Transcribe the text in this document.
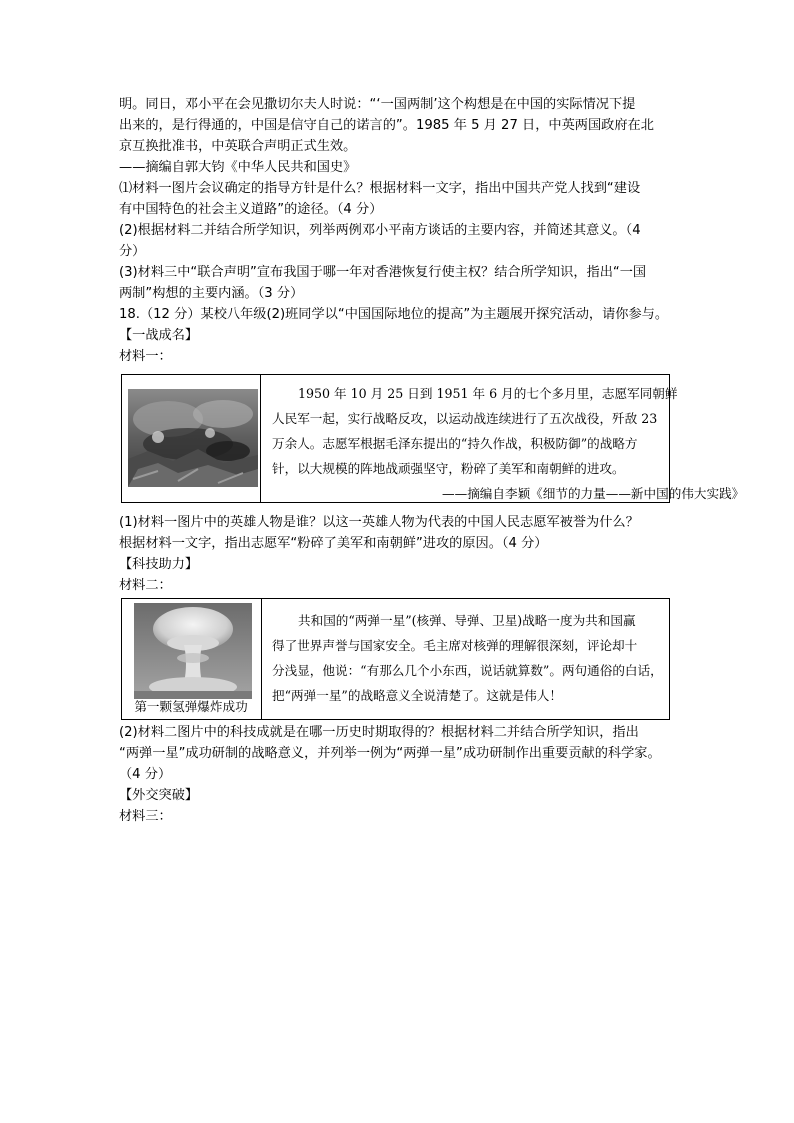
明。同日，邓小平在会见撒切尔夫人时说：“‘一国两制’这个构想是在中国的实际情况下提
出来的，是行得通的，中国是信守自己的诺言的”。1985 年 5 月 27 日，中英两国政府在北
京互换批准书，中英联合声明正式生效。
——摘编自郭大钧《中华人民共和国史》
⑴材料一图片会议确定的指导方针是什么？根据材料一文字，指出中国共产党人找到“建设
有中国特色的社会主义道路”的途径。（4 分）
(2)根据材料二并结合所学知识，列举两例邓小平南方谈话的主要内容，并简述其意义。（4
分）
(3)材料三中“联合声明”宣布我国于哪一年对香港恢复行使主权？结合所学知识，指出“一国
两制”构想的主要内涵。（3 分）
18.（12 分）某校八年级(2)班同学以“中国国际地位的提高”为主题展开探究活动，请你参与。
【一战成名】
材料一：
1950 年 10 月 25 日到 1951 年 6 月的七个多月里，志愿军同朝鲜
人民军一起，实行战略反攻，以运动战连续进行了五次战役，歼敌 23
万余人。志愿军根据毛泽东提出的“持久作战，积极防御”的战略方
针，以大规模的阵地战顽强坚守，粉碎了美军和南朝鲜的进攻。
——摘编自李颖《细节的力量——新中国的伟大实践》
(1)材料一图片中的英雄人物是谁？以这一英雄人物为代表的中国人民志愿军被誉为什么？
根据材料一文字，指出志愿军“粉碎了美军和南朝鲜”进攻的原因。（4 分）
【科技助力】
材料二：
第一颗氢弹爆炸成功
共和国的“两弹一星”(核弹、导弹、卫星)战略一度为共和国赢
得了世界声誉与国家安全。毛主席对核弹的理解很深刻，评论却十
分浅显，他说：“有那么几个小东西，说话就算数”。两句通俗的白话，
把“两弹一星”的战略意义全说清楚了。这就是伟人！
(2)材料二图片中的科技成就是在哪一历史时期取得的？根据材料二并结合所学知识，指出
“两弹一星”成功研制的战略意义，并列举一例为“两弹一星”成功研制作出重要贡献的科学家。
（4 分）
【外交突破】
材料三：
